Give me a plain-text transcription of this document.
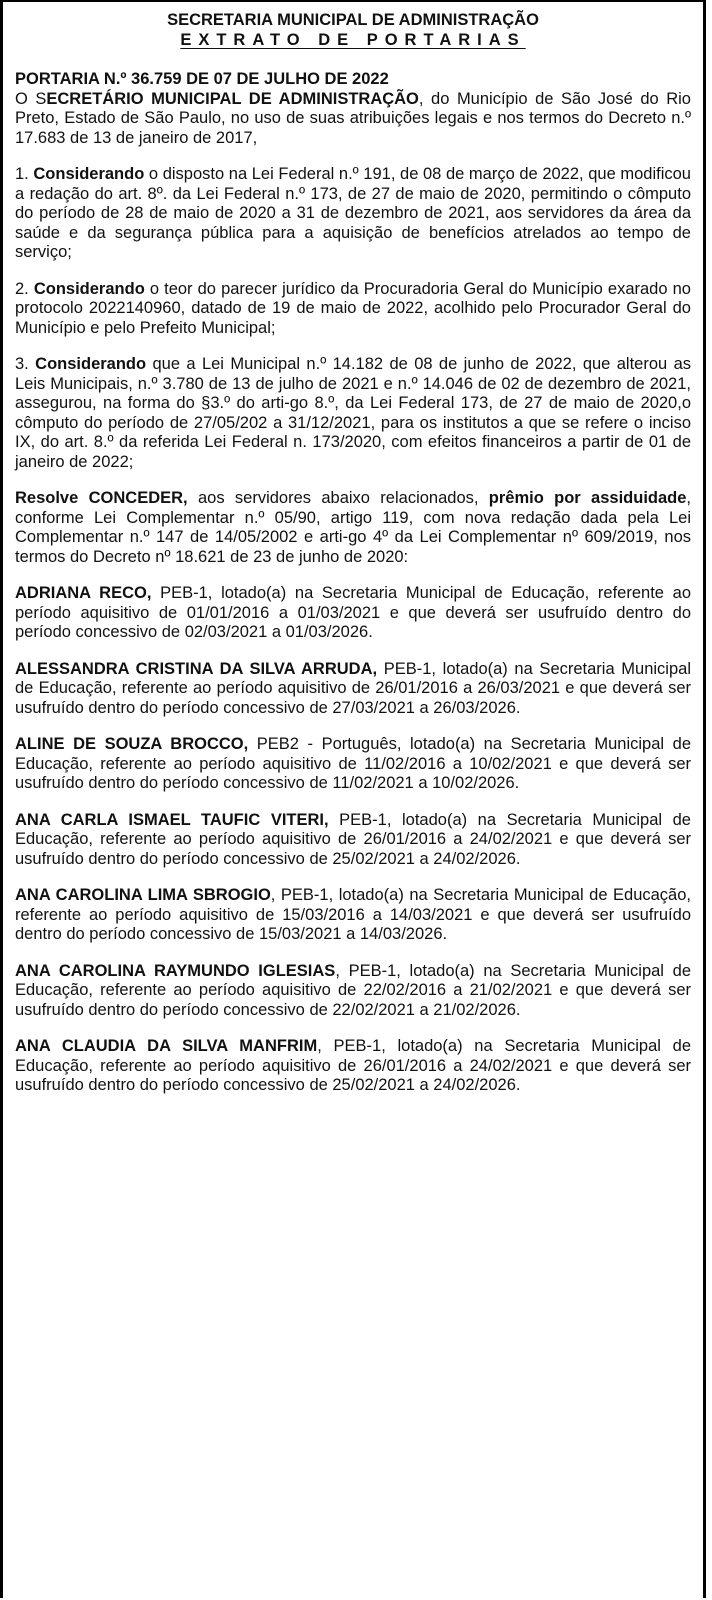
SECRETARIA MUNICIPAL DE ADMINISTRAÇÃO
EXTRATO DE PORTARIAS

PORTARIA N.º 36.759 DE 07 DE JULHO DE 2022
O SECRETÁRIO MUNICIPAL DE ADMINISTRAÇÃO, do Município de São José do Rio Preto, Estado de São Paulo, no uso de suas atribuições legais e nos termos do Decreto n.º 17.683 de 13 de janeiro de 2017,

1. Considerando o disposto na Lei Federal n.º 191, de 08 de março de 2022, que modificou a redação do art. 8º. da Lei Federal n.º 173, de 27 de maio de 2020, permitindo o cômputo do período de 28 de maio de 2020 a 31 de dezembro de 2021, aos servidores da área da saúde e da segurança pública para a aquisição de benefícios atrelados ao tempo de serviço;

2. Considerando o teor do parecer jurídico da Procuradoria Geral do Município exarado no protocolo 2022140960, datado de 19 de maio de 2022, acolhido pelo Procurador Geral do Município e pelo Prefeito Municipal;

3. Considerando que a Lei Municipal n.º 14.182 de 08 de junho de 2022, que alterou as Leis Municipais, n.º 3.780 de 13 de julho de 2021 e n.º 14.046 de 02 de dezembro de 2021, assegurou, na forma do §3.º do arti-go 8.º, da Lei Federal 173, de 27 de maio de 2020,o cômputo do período de 27/05/202 a 31/12/2021, para os institutos a que se refere o inciso IX, do art. 8.º da referida Lei Federal n. 173/2020, com efeitos financeiros a partir de 01 de janeiro de 2022;

Resolve CONCEDER, aos servidores abaixo relacionados, prêmio por assiduidade, conforme Lei Complementar n.º 05/90, artigo 119, com nova redação dada pela Lei Complementar n.º 147 de 14/05/2002 e arti-go 4º da Lei Complementar nº 609/2019, nos termos do Decreto nº 18.621 de 23 de junho de 2020:

ADRIANA RECO, PEB-1, lotado(a) na Secretaria Municipal de Educação, referente ao período aquisitivo de 01/01/2016 a 01/03/2021 e que deverá ser usufruído dentro do período concessivo de 02/03/2021 a 01/03/2026.

ALESSANDRA CRISTINA DA SILVA ARRUDA, PEB-1, lotado(a) na Secretaria Municipal de Educação, referente ao período aquisitivo de 26/01/2016 a 26/03/2021 e que deverá ser usufruído dentro do período concessivo de 27/03/2021 a 26/03/2026.

ALINE DE SOUZA BROCCO, PEB2 - Português, lotado(a) na Secretaria Municipal de Educação, referente ao período aquisitivo de 11/02/2016 a 10/02/2021 e que deverá ser usufruído dentro do período concessivo de 11/02/2021 a 10/02/2026.

ANA CARLA ISMAEL TAUFIC VITERI, PEB-1, lotado(a) na Secretaria Municipal de Educação, referente ao período aquisitivo de 26/01/2016 a 24/02/2021 e que deverá ser usufruído dentro do período concessivo de 25/02/2021 a 24/02/2026.

ANA CAROLINA LIMA SBROGIO, PEB-1, lotado(a) na Secretaria Municipal de Educação, referente ao período aquisitivo de 15/03/2016 a 14/03/2021 e que deverá ser usufruído dentro do período concessivo de 15/03/2021 a 14/03/2026.

ANA CAROLINA RAYMUNDO IGLESIAS, PEB-1, lotado(a) na Secretaria Municipal de Educação, referente ao período aquisitivo de 22/02/2016 a 21/02/2021 e que deverá ser usufruído dentro do período concessivo de 22/02/2021 a 21/02/2026.

ANA CLAUDIA DA SILVA MANFRIM, PEB-1, lotado(a) na Secretaria Municipal de Educação, referente ao período aquisitivo de 26/01/2016 a 24/02/2021 e que deverá ser usufruído dentro do período concessivo de 25/02/2021 a 24/02/2026.
